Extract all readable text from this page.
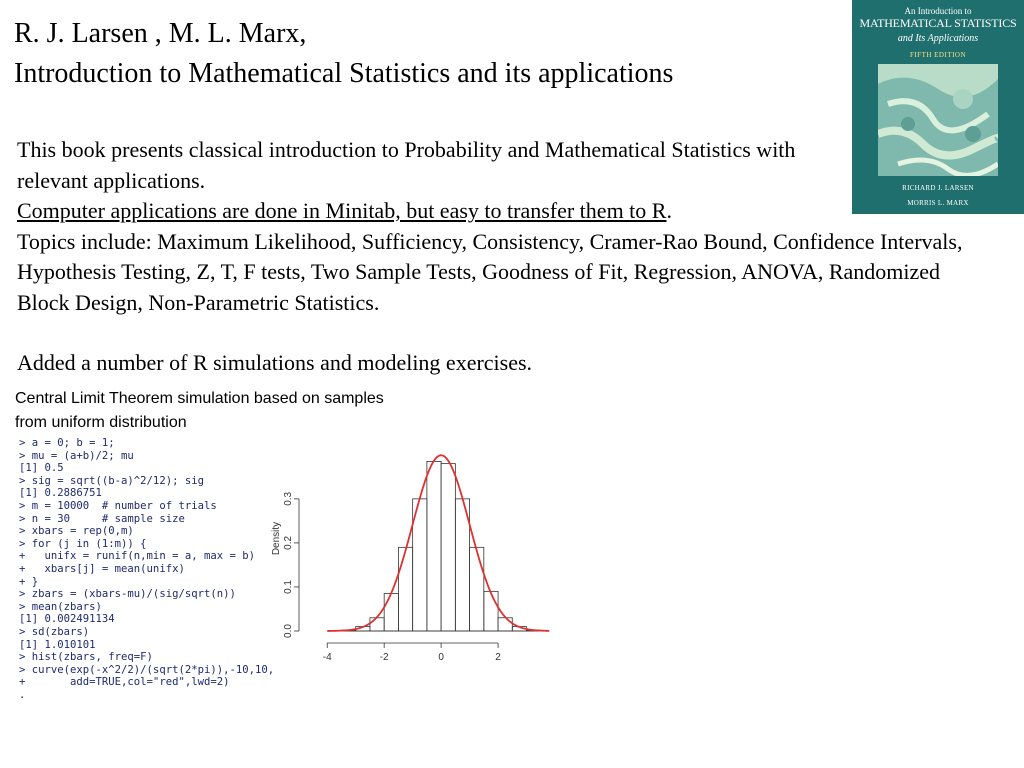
R. J. Larsen , M. L. Marx,
Introduction to Mathematical Statistics and its applications
An Introduction to
MATHEMATICAL STATISTICS
and Its Applications
FIFTH EDITION
RICHARD J. LARSEN
MORRIS L. MARX
This book presents classical introduction to Probability and Mathematical Statistics with relevant applications.
Computer applications are done in Minitab, but easy to transfer them to R.
Topics include: Maximum Likelihood, Sufficiency, Consistency, Cramer-Rao Bound, Confidence Intervals, Hypothesis Testing, Z, T, F tests, Two Sample Tests, Goodness of Fit, Regression, ANOVA, Randomized Block Design, Non-Parametric Statistics.
Added a number of R simulations and modeling exercises.
Central Limit Theorem simulation based on samples
from uniform distribution
> a = 0; b = 1;
> mu = (a+b)/2; mu
[1] 0.5
> sig = sqrt((b-a)^2/12); sig
[1] 0.2886751
> m = 10000  # number of trials
> n = 30     # sample size
> xbars = rep(0,m)
> for (j in (1:m)) {
+   unifx = runif(n,min = a, max = b)
+   xbars[j] = mean(unifx)
+ }
> zbars = (xbars-mu)/(sig/sqrt(n))
> mean(zbars)
[1] 0.002491134
> sd(zbars)
[1] 1.010101
> hist(zbars, freq=F)
> curve(exp(-x^2/2)/(sqrt(2*pi)),-10,10,
+       add=TRUE,col="red",lwd=2)
.
-4	-2	0	2
0.0
0.1
0.2
0.3
Density
